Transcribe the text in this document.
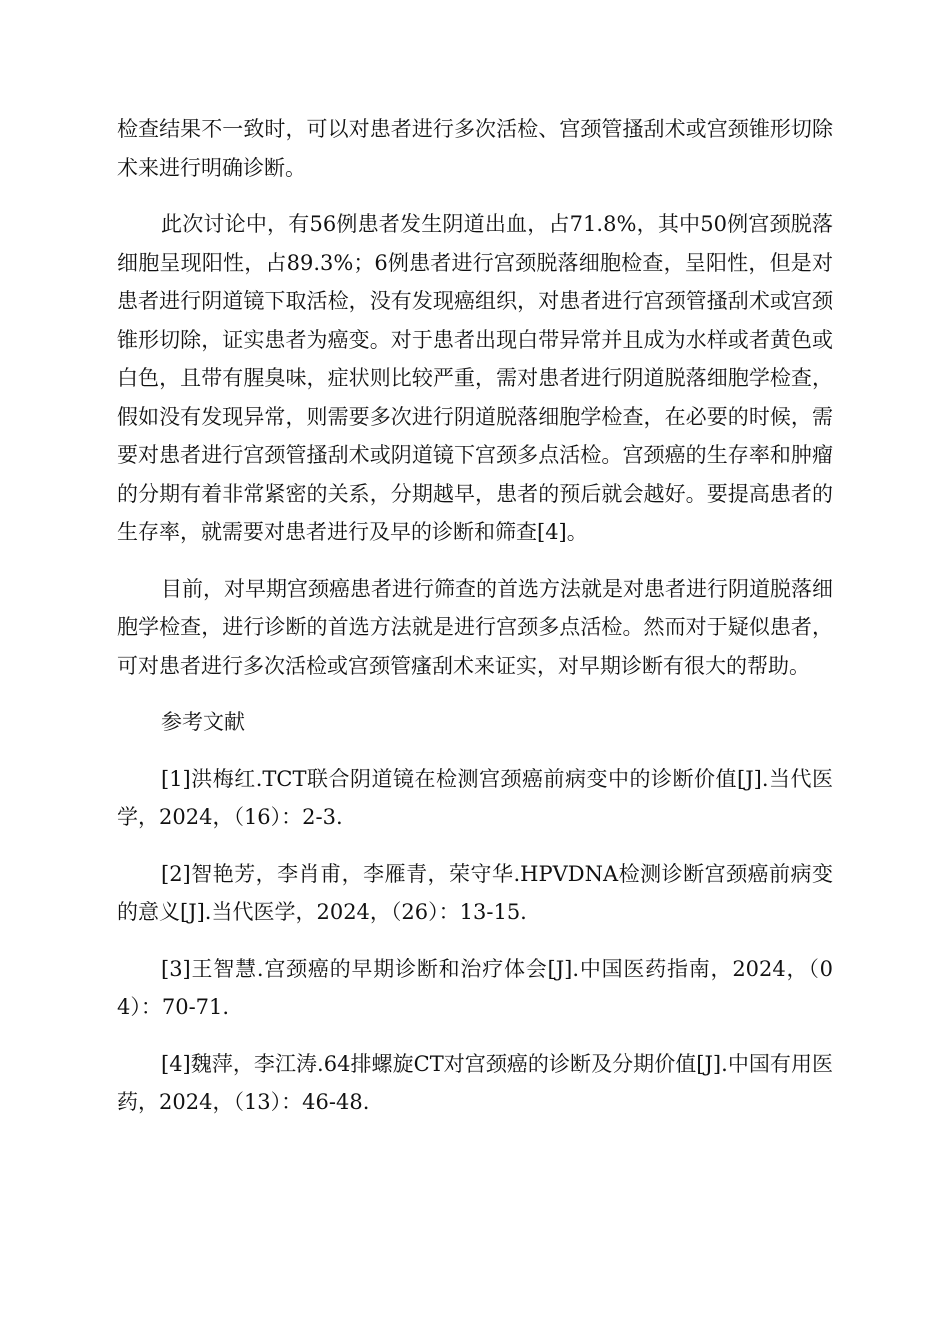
检查结果不一致时，可以对患者进行多次活检、宫颈管搔刮术或宫颈锥形切除术来进行明确诊断。

此次讨论中，有56例患者发生阴道出血，占71.8%，其中50例宫颈脱落细胞呈现阳性，占89.3%；6例患者进行宫颈脱落细胞检查，呈阳性，但是对患者进行阴道镜下取活检，没有发现癌组织，对患者进行宫颈管搔刮术或宫颈锥形切除，证实患者为癌变。对于患者出现白带异常并且成为水样或者黄色或白色，且带有腥臭味，症状则比较严重，需对患者进行阴道脱落细胞学检查，假如没有发现异常，则需要多次进行阴道脱落细胞学检查，在必要的时候，需要对患者进行宫颈管搔刮术或阴道镜下宫颈多点活检。宫颈癌的生存率和肿瘤的分期有着非常紧密的关系，分期越早，患者的预后就会越好。要提高患者的生存率，就需要对患者进行及早的诊断和筛查[4]。

目前，对早期宫颈癌患者进行筛查的首选方法就是对患者进行阴道脱落细胞学检查，进行诊断的首选方法就是进行宫颈多点活检。然而对于疑似患者，可对患者进行多次活检或宫颈管瘙刮术来证实，对早期诊断有很大的帮助。

参考文献

[1]洪梅红.TCT联合阴道镜在检测宫颈癌前病变中的诊断价值[J].当代医学，2024，（16）：2-3.

[2]智艳芳，李肖甫，李雁青，荣守华.HPVDNA检测诊断宫颈癌前病变的意义[J].当代医学，2024，（26）：13-15.

[3]王智慧.宫颈癌的早期诊断和治疗体会[J].中国医药指南，2024，（04）：70-71.

[4]魏萍，李江涛.64排螺旋CT对宫颈癌的诊断及分期价值[J].中国有用医药，2024，（13）：46-48.
